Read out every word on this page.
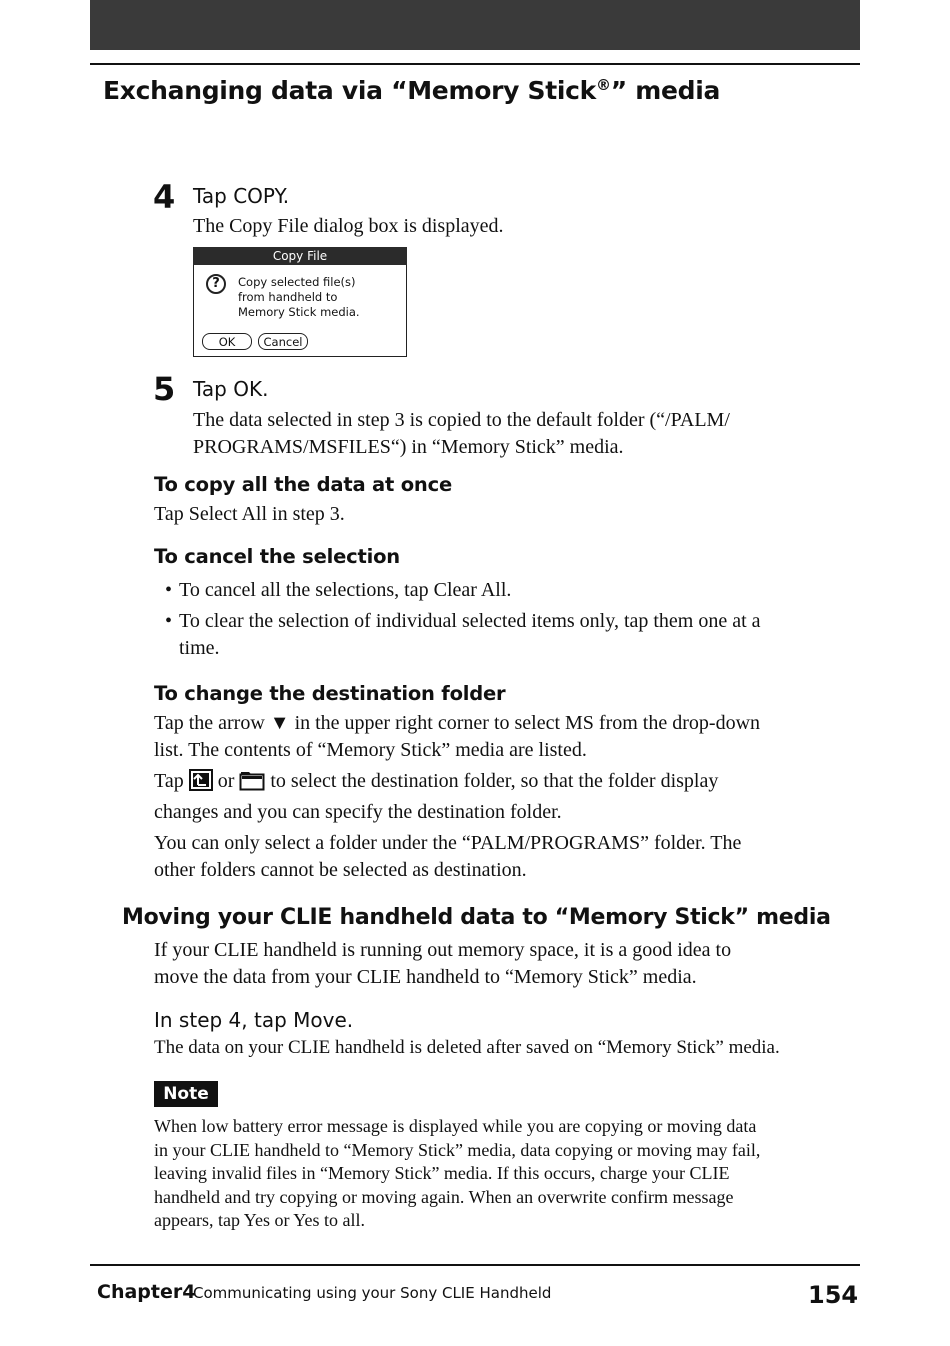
Exchanging data via “Memory Stick®” media
4 Tap COPY.
The Copy File dialog box is displayed.
Copy File
?	Copy selected file(s)
from handheld to
Memory Stick media.
OK	Cancel
5 Tap OK.
The data selected in step 3 is copied to the default folder (“/PALM/
PROGRAMS/MSFILES“) in “Memory Stick” media.
To copy all the data at once
Tap Select All in step 3.
To cancel the selection
• To cancel all the selections, tap Clear All.
• To clear the selection of individual selected items only, tap them one at a
time.
To change the destination folder
Tap the arrow ▼ in the upper right corner to select MS from the drop-down
list. The contents of “Memory Stick” media are listed.
Tap or to select the destination folder, so that the folder display
changes and you can specify the destination folder.
You can only select a folder under the “PALM/PROGRAMS” folder. The
other folders cannot be selected as destination.
Moving your CLIE handheld data to “Memory Stick” media
If your CLIE handheld is running out memory space, it is a good idea to
move the data from your CLIE handheld to “Memory Stick” media.
In step 4, tap Move.
The data on your CLIE handheld is deleted after saved on “Memory Stick” media.
Note
When low battery error message is displayed while you are copying or moving data
in your CLIE handheld to “Memory Stick” media, data copying or moving may fail,
leaving invalid files in “Memory Stick” media. If this occurs, charge your CLIE
handheld and try copying or moving again. When an overwrite confirm message
appears, tap Yes or Yes to all.
Chapter4
Communicating using your Sony CLIE Handheld	154
